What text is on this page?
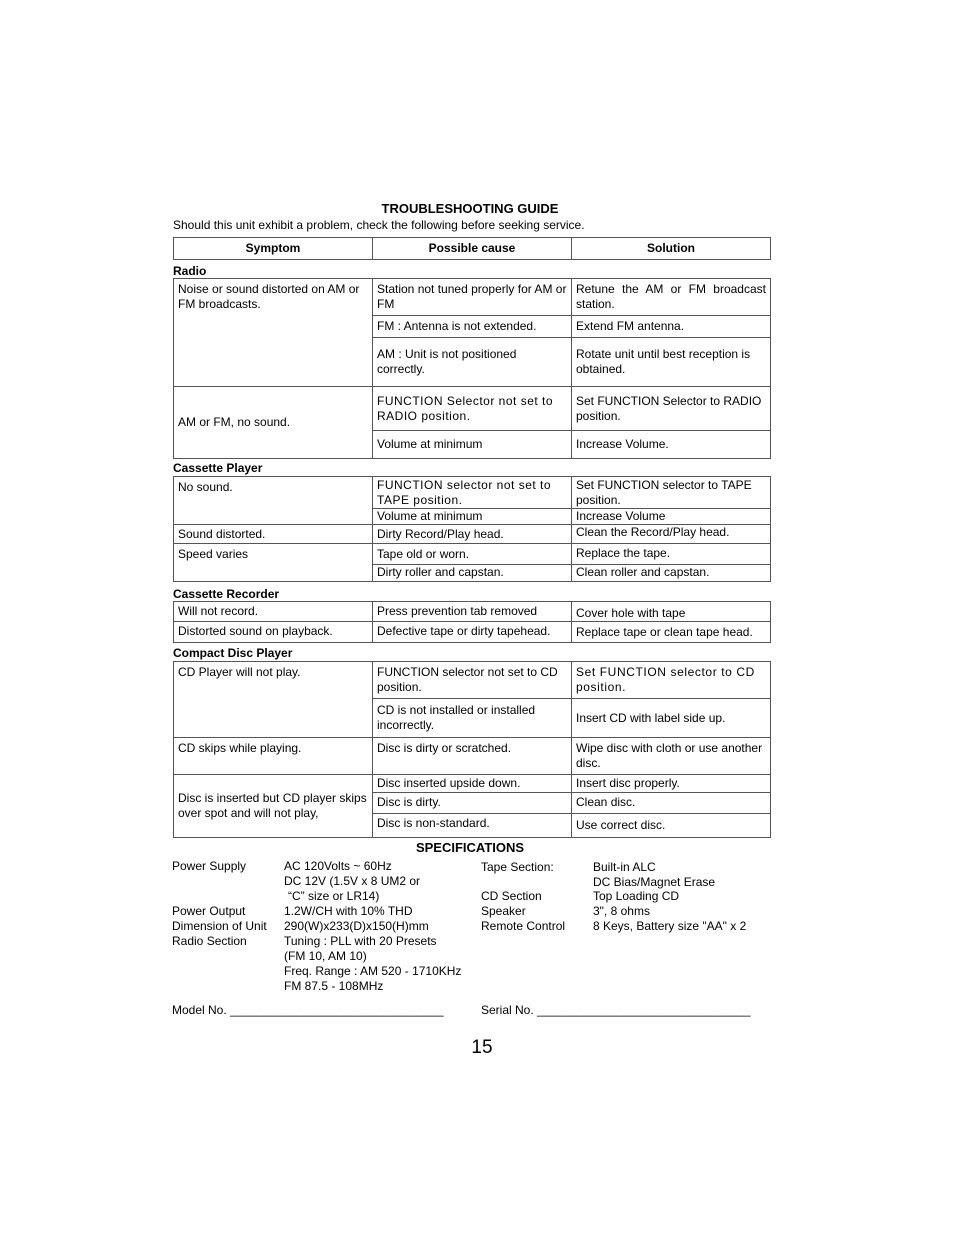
TROUBLESHOOTING GUIDE
Should this unit exhibit a problem, check the following before seeking service.
Symptom	Possible cause	Solution
Radio
Noise or sound distorted on AM or FM broadcasts.	Station not tuned properly for AM or FM	Retune the AM or FM broadcast station.
	FM : Antenna is not extended.	Extend FM antenna.
	AM : Unit is not positioned correctly.	Rotate unit until best reception is obtained.
AM or FM, no sound.	FUNCTION Selector not set to RADIO position.	Set FUNCTION Selector to RADIO position.
	Volume at minimum	Increase Volume.
Cassette Player
No sound.	FUNCTION selector not set to TAPE position.	Set FUNCTION selector to TAPE position.
	Volume at minimum	Increase Volume
Sound distorted.	Dirty Record/Play head.	Clean the Record/Play head.
Speed varies	Tape old or worn.	Replace the tape.
	Dirty roller and capstan.	Clean roller and capstan.
Cassette Recorder
Will not record.	Press prevention tab removed	Cover hole with tape
Distorted sound on playback.	Defective tape or dirty tapehead.	Replace tape or clean tape head.
Compact Disc Player
CD Player will not play.	FUNCTION selector not set to CD position.	Set FUNCTION selector to CD position.
	CD is not installed or installed incorrectly.	Insert CD with label side up.
CD skips while playing.	Disc is dirty or scratched.	Wipe disc with cloth or use another disc.
Disc is inserted but CD player skips over spot and will not play,	Disc inserted upside down.	Insert disc properly.
	Disc is dirty.	Clean disc.
	Disc is non-standard.	Use correct disc.
SPECIFICATIONS
Power Supply	AC 120Volts ~ 60Hz
DC 12V (1.5V x 8 UM2 or
“C” size or LR14)
Power Output	1.2W/CH with 10% THD
Dimension of Unit 290(W)x233(D)x150(H)mm
Radio Section	Tuning : PLL with 20 Presets
(FM 10, AM 10)
Freq. Range : AM 520 - 1710KHz
FM 87.5 - 108MHz
Tape Section:	Built-in ALC
DC Bias/Magnet Erase
CD Section	Top Loading CD
Speaker	3", 8 ohms
Remote Control 8 Keys, Battery size "AA" x 2
Model No. ________________________________	Serial No. ________________________________
15
